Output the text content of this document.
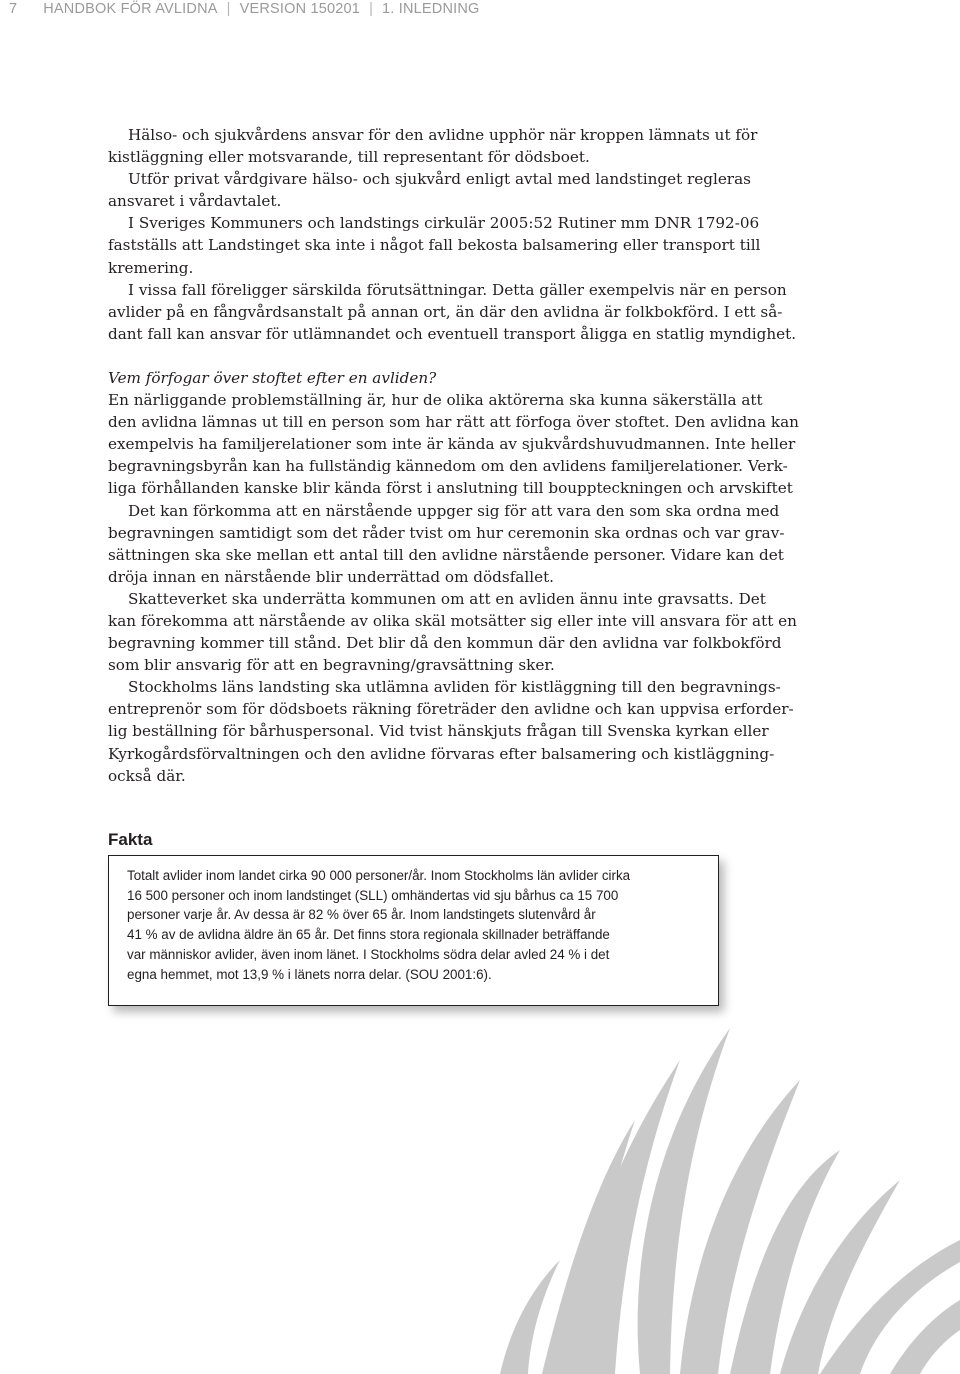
7 HANDBOK FÖR AVLIDNA | VERSION 150201 | 1. INLEDNING
Hälso- och sjukvårdens ansvar för den avlidne upphör när kroppen lämnats ut för
kistläggning eller motsvarande, till representant för dödsboet.
Utför privat vårdgivare hälso- och sjukvård enligt avtal med landstinget regleras
ansvaret i vårdavtalet.
I Sveriges Kommuners och landstings cirkulär 2005:52 Rutiner mm DNR 1792-06
fastställs att Landstinget ska inte i något fall bekosta balsamering eller transport till
kremering.
I vissa fall föreligger särskilda förutsättningar. Detta gäller exempelvis när en person
avlider på en fångvårdsanstalt på annan ort, än där den avlidna är folkbokförd. I ett så-
dant fall kan ansvar för utlämnandet och eventuell transport åligga en statlig myndighet.
Vem förfogar över stoftet efter en avliden?
En närliggande problemställning är, hur de olika aktörerna ska kunna säkerställa att
den avlidna lämnas ut till en person som har rätt att förfoga över stoftet. Den avlidna kan
exempelvis ha familjerelationer som inte är kända av sjukvårdshuvudmannen. Inte heller
begravningsbyrån kan ha fullständig kännedom om den avlidens familjerelationer. Verk-
liga förhållanden kanske blir kända först i anslutning till bouppteckningen och arvskiftet
Det kan förkomma att en närstående uppger sig för att vara den som ska ordna med
begravningen samtidigt som det råder tvist om hur ceremonin ska ordnas och var grav-
sättningen ska ske mellan ett antal till den avlidne närstående personer. Vidare kan det
dröja innan en närstående blir underrättad om dödsfallet.
Skatteverket ska underrätta kommunen om att en avliden ännu inte gravsatts. Det
kan förekomma att närstående av olika skäl motsätter sig eller inte vill ansvara för att en
begravning kommer till stånd. Det blir då den kommun där den avlidna var folkbokförd
som blir ansvarig för att en begravning/gravsättning sker.
Stockholms läns landsting ska utlämna avliden för kistläggning till den begravnings-
entreprenör som för dödsboets räkning företräder den avlidne och kan uppvisa erforder-
lig beställning för bårhuspersonal. Vid tvist hänskjuts frågan till Svenska kyrkan eller
Kyrkogårdsförvaltningen och den avlidne förvaras efter balsamering och kistläggning-
också där.
Fakta
Totalt avlider inom landet cirka 90 000 personer/år. Inom Stockholms län avlider cirka
16 500 personer och inom landstinget (SLL) omhändertas vid sju bårhus ca 15 700
personer varje år. Av dessa är 82 % över 65 år. Inom landstingets slutenvård år
41 % av de avlidna äldre än 65 år. Det finns stora regionala skillnader beträffande
var människor avlider, även inom länet. I Stockholms södra delar avled 24 % i det
egna hemmet, mot 13,9 % i länets norra delar. (SOU 2001:6).
